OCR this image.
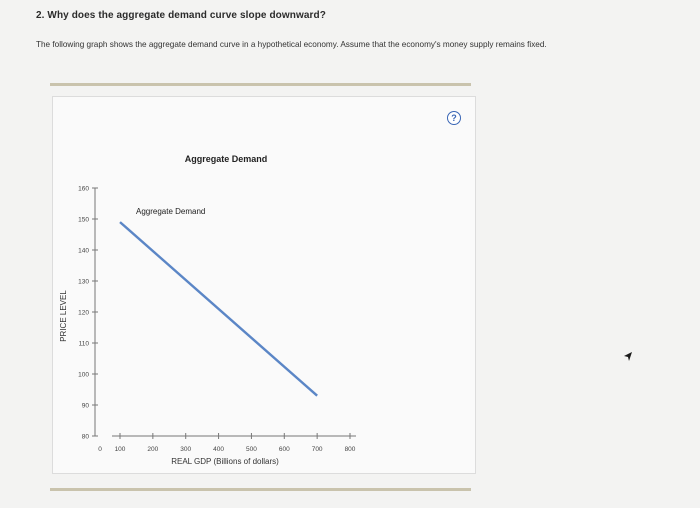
2. Why does the aggregate demand curve slope downward?
The following graph shows the aggregate demand curve in a hypothetical economy. Assume that the economy's money supply remains fixed.
?
Aggregate Demand
PRICE LEVEL
REAL GDP (Billions of dollars)
80
90
100
110
120
130
140
150
160
0 100	200	300	400	500	600	700	800
Aggregate Demand
